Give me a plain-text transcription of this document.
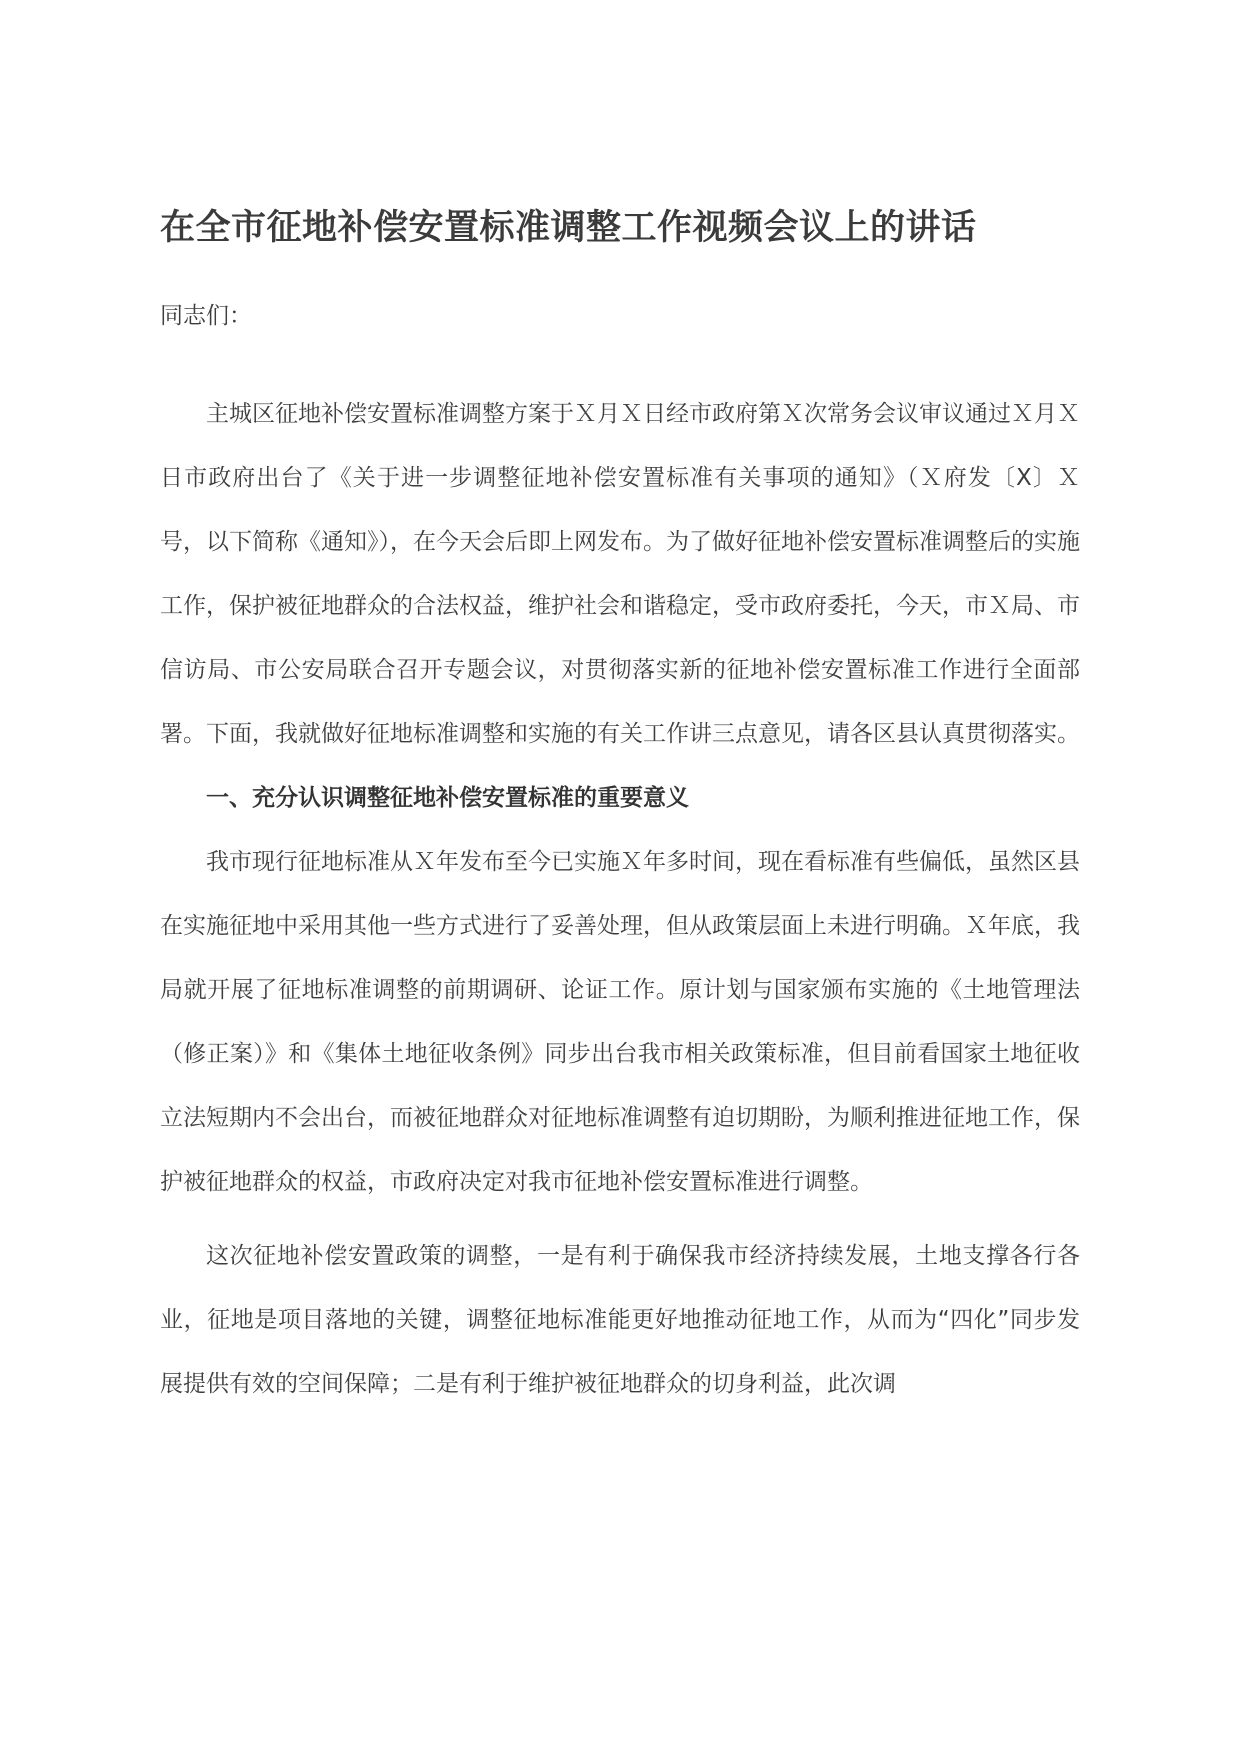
在全市征地补偿安置标准调整工作视频会议上的讲话

同志们：

主城区征地补偿安置标准调整方案于Ｘ月Ｘ日经市政府第Ｘ次常务会议审议通过Ｘ月Ｘ日市政府出台了《关于进一步调整征地补偿安置标准有关事项的通知》（Ｘ府发〔X〕Ｘ号，以下简称《通知》），在今天会后即上网发布。为了做好征地补偿安置标准调整后的实施工作，保护被征地群众的合法权益，维护社会和谐稳定，受市政府委托，今天，市Ｘ局、市信访局、市公安局联合召开专题会议，对贯彻落实新的征地补偿安置标准工作进行全面部署。下面，我就做好征地标准调整和实施的有关工作讲三点意见，请各区县认真贯彻落实。

一、充分认识调整征地补偿安置标准的重要意义

我市现行征地标准从Ｘ年发布至今已实施Ｘ年多时间，现在看标准有些偏低，虽然区县在实施征地中采用其他一些方式进行了妥善处理，但从政策层面上未进行明确。Ｘ年底，我局就开展了征地标准调整的前期调研、论证工作。原计划与国家颁布实施的《土地管理法（修正案）》和《集体土地征收条例》同步出台我市相关政策标准，但目前看国家土地征收立法短期内不会出台，而被征地群众对征地标准调整有迫切期盼，为顺利推进征地工作，保护被征地群众的权益，市政府决定对我市征地补偿安置标准进行调整。

这次征地补偿安置政策的调整，一是有利于确保我市经济持续发展，土地支撑各行各业，征地是项目落地的关键，调整征地标准能更好地推动征地工作，从而为“四化”同步发展提供有效的空间保障；二是有利于维护被征地群众的切身利益，此次调
